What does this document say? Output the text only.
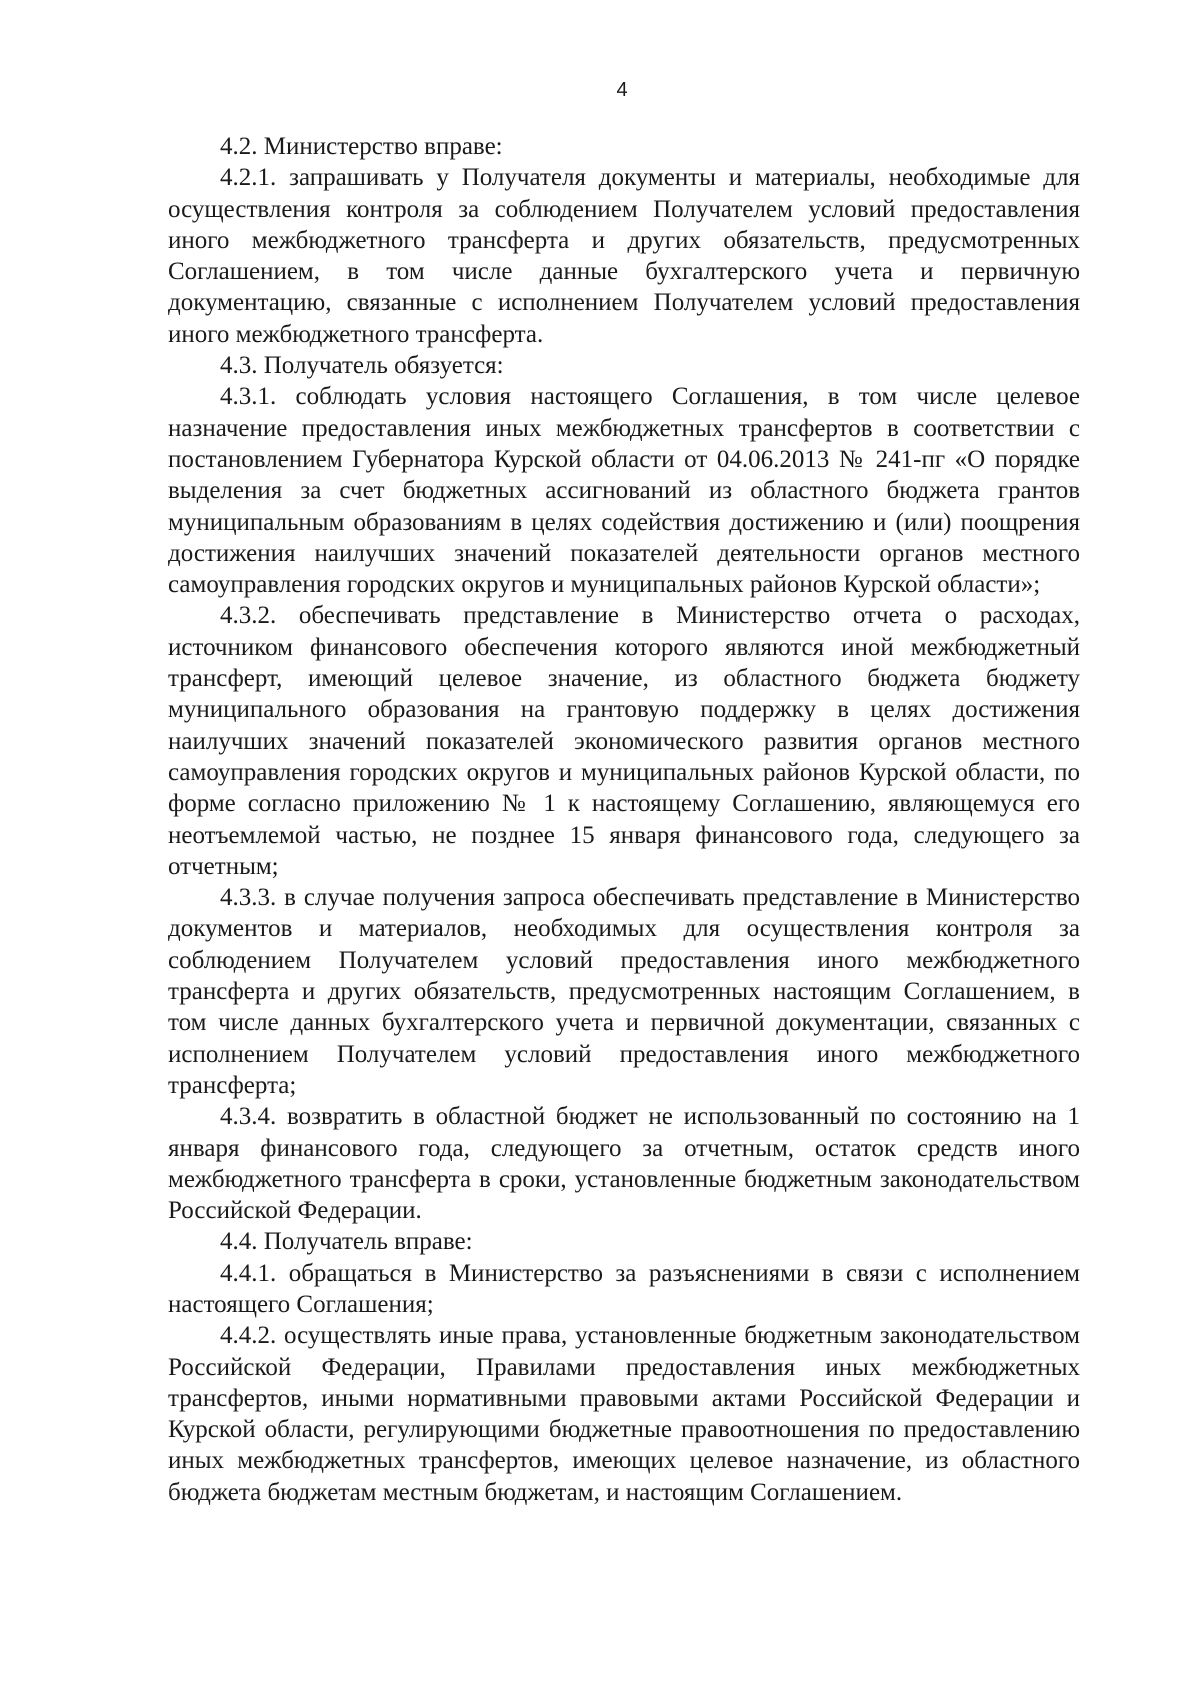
4

4.2. Министерство вправе:

4.2.1. запрашивать у Получателя документы и материалы, необходимые для осуществления контроля за соблюдением Получателем условий предоставления иного межбюджетного трансферта и других обязательств, предусмотренных Соглашением, в том числе данные бухгалтерского учета и первичную документацию, связанные с исполнением Получателем условий предоставления иного межбюджетного трансферта.

4.3. Получатель обязуется:

4.3.1. соблюдать условия настоящего Соглашения, в том числе целевое назначение предоставления иных межбюджетных трансфертов в соответствии с постановлением Губернатора Курской области от 04.06.2013 № 241-пг «О порядке выделения за счет бюджетных ассигнований из областного бюджета грантов муниципальным образованиям в целях содействия достижению и (или) поощрения достижения наилучших значений показателей деятельности органов местного самоуправления городских округов и муниципальных районов Курской области»;

4.3.2. обеспечивать представление в Министерство отчета о расходах, источником финансового обеспечения которого являются иной межбюджетный трансферт, имеющий целевое значение, из областного бюджета бюджету муниципального образования на грантовую поддержку в целях достижения наилучших значений показателей экономического развития органов местного самоуправления городских округов и муниципальных районов Курской области, по форме согласно приложению № 1 к настоящему Соглашению, являющемуся его неотъемлемой частью, не позднее 15 января финансового года, следующего за отчетным;

4.3.3. в случае получения запроса обеспечивать представление в Министерство документов и материалов, необходимых для осуществления контроля за соблюдением Получателем условий предоставления иного межбюджетного трансферта и других обязательств, предусмотренных настоящим Соглашением, в том числе данных бухгалтерского учета и первичной документации, связанных с исполнением Получателем условий предоставления иного межбюджетного трансферта;

4.3.4. возвратить в областной бюджет не использованный по состоянию на 1 января финансового года, следующего за отчетным, остаток средств иного межбюджетного трансферта в сроки, установленные бюджетным законодательством Российской Федерации.

4.4. Получатель вправе:

4.4.1. обращаться в Министерство за разъяснениями в связи с исполнением настоящего Соглашения;

4.4.2. осуществлять иные права, установленные бюджетным законодательством Российской Федерации, Правилами предоставления иных межбюджетных трансфертов, иными нормативными правовыми актами Российской Федерации и Курской области, регулирующими бюджетные правоотношения по предоставлению иных межбюджетных трансфертов, имеющих целевое назначение, из областного бюджета бюджетам местным бюджетам, и настоящим Соглашением.
